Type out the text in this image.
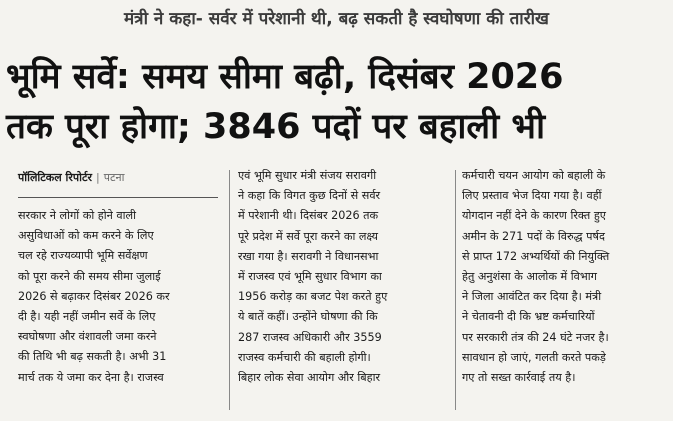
मंत्री ने कहा- सर्वर में परेशानी थी, बढ़ सकती है स्वघोषणा की तारीख
भूमि सर्वे: समय सीमा बढ़ी, दिसंबर 2026
तक पूरा होगा; 3846 पदों पर बहाली भी
पॉलिटिकल रिपोर्टर | पटना
सरकार ने लोगों को होने वाली
असुविधाओं को कम करने के लिए
चल रहे राज्यव्यापी भूमि सर्वेक्षण
को पूरा करने की समय सीमा जुलाई
2026 से बढ़ाकर दिसंबर 2026 कर
दी है। यही नहीं जमीन सर्वे के लिए
स्वघोषणा और वंशावली जमा करने
की तिथि भी बढ़ सकती है। अभी 31
मार्च तक ये जमा कर देना है। राजस्व
एवं भूमि सुधार मंत्री संजय सरावगी
ने कहा कि विगत कुछ दिनों से सर्वर
में परेशानी थी। दिसंबर 2026 तक
पूरे प्रदेश में सर्वे पूरा करने का लक्ष्य
रखा गया है। सरावगी ने विधानसभा
में राजस्व एवं भूमि सुधार विभाग का
1956 करोड़ का बजट पेश करते हुए
ये बातें कहीं। उन्होंने घोषणा की कि
287 राजस्व अधिकारी और 3559
राजस्व कर्मचारी की बहाली होगी।
बिहार लोक सेवा आयोग और बिहार
कर्मचारी चयन आयोग को बहाली के
लिए प्रस्ताव भेज दिया गया है। वहीं
योगदान नहीं देने के कारण रिक्त हुए
अमीन के 271 पदों के विरुद्ध पर्षद
से प्राप्त 172 अभ्यर्थियों की नियुक्ति
हेतु अनुशंसा के आलोक में विभाग
ने जिला आवंटित कर दिया है। मंत्री
ने चेतावनी दी कि भ्रष्ट कर्मचारियों
पर सरकारी तंत्र की 24 घंटे नजर है।
सावधान हो जाएं, गलती करते पकड़े
गए तो सख्त कार्रवाई तय है।
